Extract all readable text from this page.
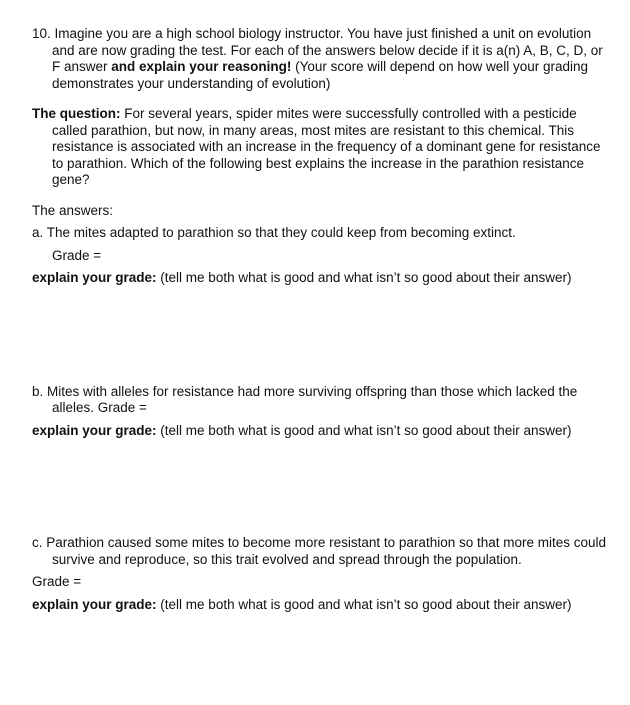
10. Imagine you are a high school biology instructor. You have just finished a unit on evolution and are now grading the test. For each of the answers below decide if it is a(n) A, B, C, D, or F answer and explain your reasoning! (Your score will depend on how well your grading demonstrates your understanding of evolution)

The question: For several years, spider mites were successfully controlled with a pesticide called parathion, but now, in many areas, most mites are resistant to this chemical. This resistance is associated with an increase in the frequency of a dominant gene for resistance to parathion. Which of the following best explains the increase in the parathion resistance gene?

The answers:

a. The mites adapted to parathion so that they could keep from becoming extinct.

Grade =

explain your grade: (tell me both what is good and what isn’t so good about their answer)

b. Mites with alleles for resistance had more surviving offspring than those which lacked the alleles. Grade =

explain your grade: (tell me both what is good and what isn’t so good about their answer)

c. Parathion caused some mites to become more resistant to parathion so that more mites could survive and reproduce, so this trait evolved and spread through the population.

Grade =

explain your grade: (tell me both what is good and what isn’t so good about their answer)
